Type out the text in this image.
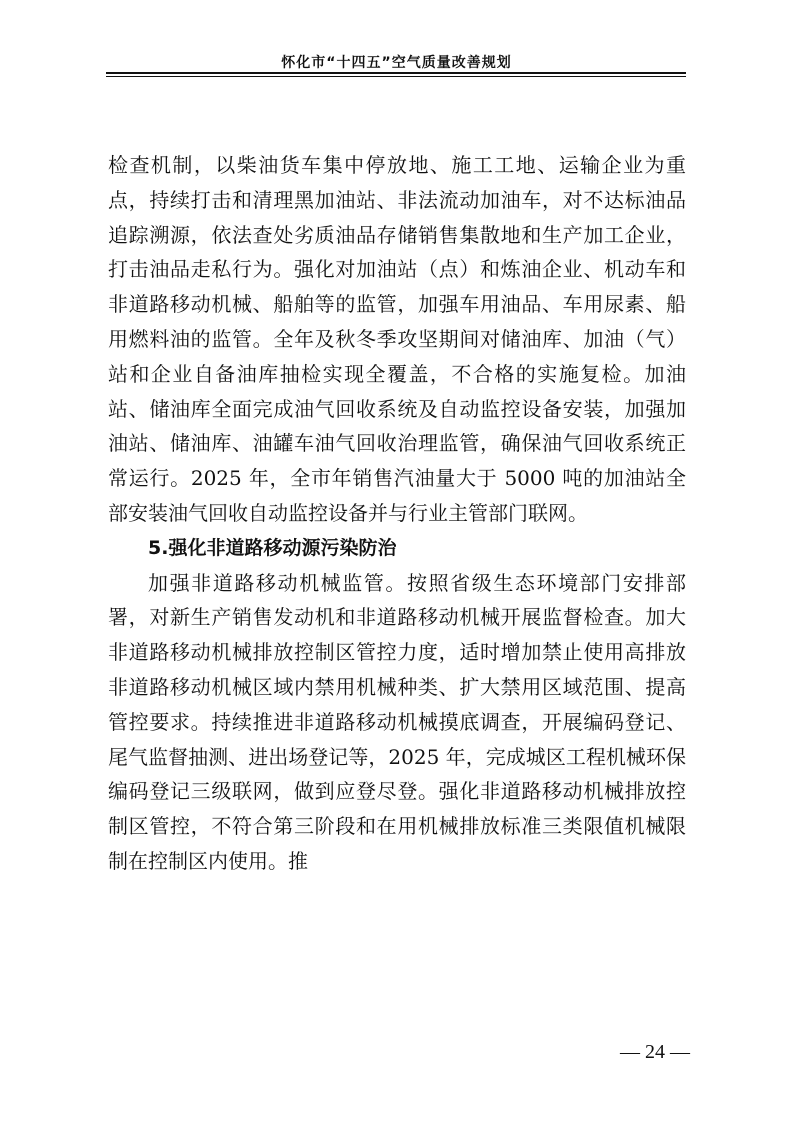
怀化市“十四五”空气质量改善规划

检查机制，以柴油货车集中停放地、施工工地、运输企业为重点，持续打击和清理黑加油站、非法流动加油车，对不达标油品追踪溯源，依法查处劣质油品存储销售集散地和生产加工企业，打击油品走私行为。强化对加油站（点）和炼油企业、机动车和非道路移动机械、船舶等的监管，加强车用油品、车用尿素、船用燃料油的监管。全年及秋冬季攻坚期间对储油库、加油（气）站和企业自备油库抽检实现全覆盖，不合格的实施复检。加油站、储油库全面完成油气回收系统及自动监控设备安装，加强加油站、储油库、油罐车油气回收治理监管，确保油气回收系统正常运行。2025 年，全市年销售汽油量大于 5000 吨的加油站全部安装油气回收自动监控设备并与行业主管部门联网。

5.强化非道路移动源污染防治

加强非道路移动机械监管。按照省级生态环境部门安排部署，对新生产销售发动机和非道路移动机械开展监督检查。加大非道路移动机械排放控制区管控力度，适时增加禁止使用高排放非道路移动机械区域内禁用机械种类、扩大禁用区域范围、提高管控要求。持续推进非道路移动机械摸底调查，开展编码登记、尾气监督抽测、进出场登记等，2025 年，完成城区工程机械环保编码登记三级联网，做到应登尽登。强化非道路移动机械排放控制区管控，不符合第三阶段和在用机械排放标准三类限值机械限制在控制区内使用。推

— 24 —
